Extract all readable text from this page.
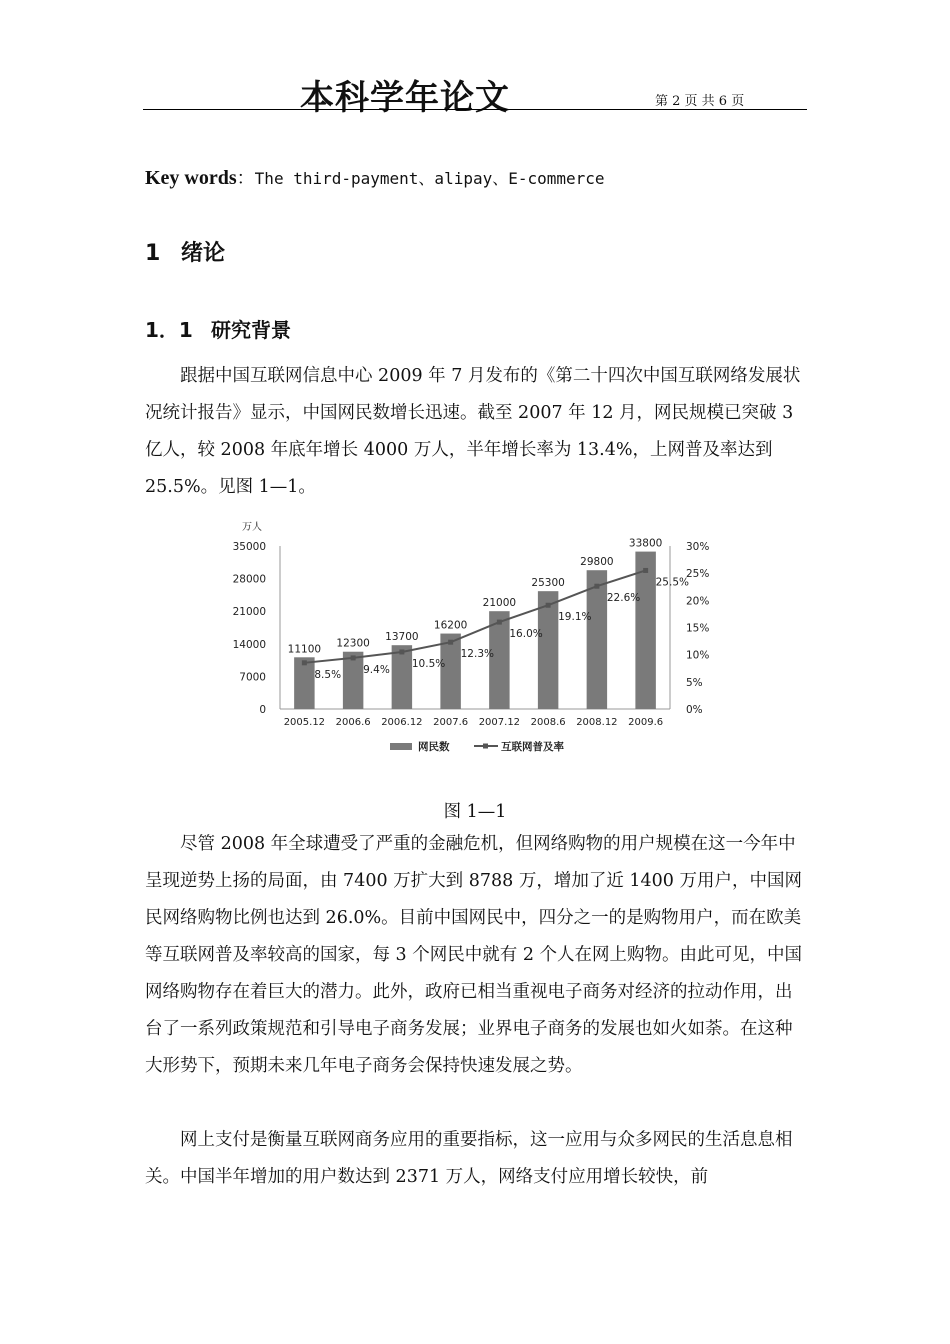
本科学年论文	第 2 页 共 6 页
Key words：The third-payment、alipay、E-commerce
1 绪论
1．1 研究背景

跟据中国互联网信息中心 2009 年 7 月发布的《第二十四次中国互联网络发展状况统计报告》显示，中国网民数增长迅速。截至 2007 年 12 月，网民规模已突破 3 亿人，较 2008 年底年增长 4000 万人，半年增长率为 13.4%，上网普及率达到 25.5%。见图 1—1。

万人
0
7000
14000
21000
28000
35000
0%
5%
10%
15%
20%
25%
30%
11100
2005.12
12300
2006.6
13700
2006.12
16200
2007.6
21000
2007.12
25300
2008.6
29800
2008.12
33800
2009.6
8.5% 9.4% 10.5%
12.3%
16.0%
19.1%
22.6%
25.5%
网民数	互联网普及率
图 1—1

尽管 2008 年全球遭受了严重的金融危机，但网络购物的用户规模在这一今年中呈现逆势上扬的局面，由 7400 万扩大到 8788 万，增加了近 1400 万用户，中国网民网络购物比例也达到 26.0%。目前中国网民中，四分之一的是购物用户，而在欧美等互联网普及率较高的国家，每 3 个网民中就有 2 个人在网上购物。由此可见，中国网络购物存在着巨大的潜力。此外，政府已相当重视电子商务对经济的拉动作用，出台了一系列政策规范和引导电子商务发展；业界电子商务的发展也如火如荼。在这种大形势下，预期未来几年电子商务会保持快速发展之势。

网上支付是衡量互联网商务应用的重要指标，这一应用与众多网民的生活息息相关。中国半年增加的用户数达到 2371 万人，网络支付应用增长较快，前
